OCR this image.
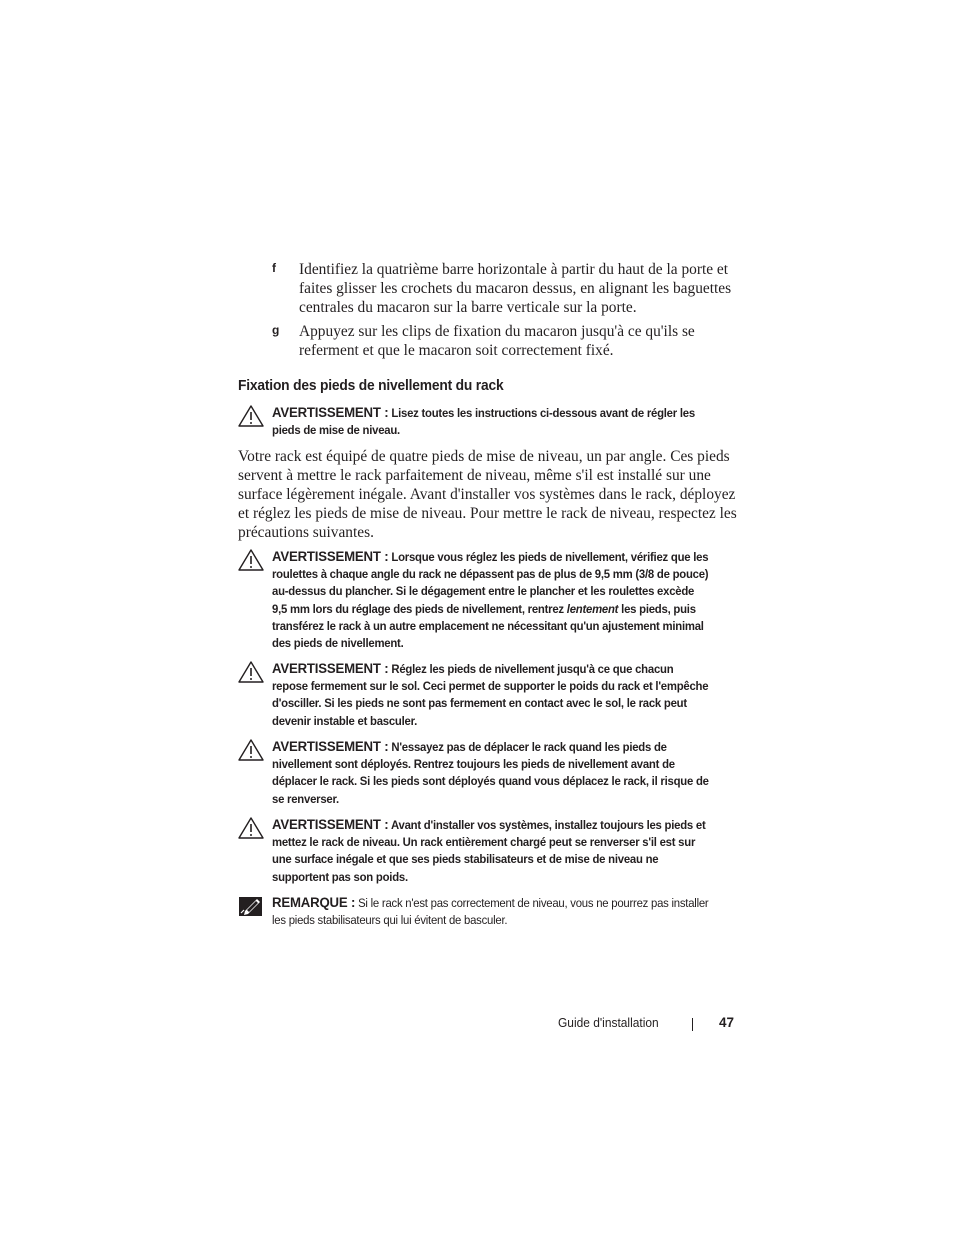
f Identifiez la quatrième barre horizontale à partir du haut de la porte et faites glisser les crochets du macaron dessus, en alignant les baguettes centrales du macaron sur la barre verticale sur la porte.
g Appuyez sur les clips de fixation du macaron jusqu'à ce qu'ils se referment et que le macaron soit correctement fixé.
Fixation des pieds de nivellement du rack
AVERTISSEMENT : Lisez toutes les instructions ci-dessous avant de régler les pieds de mise de niveau.
Votre rack est équipé de quatre pieds de mise de niveau, un par angle. Ces pieds servent à mettre le rack parfaitement de niveau, même s'il est installé sur une surface légèrement inégale. Avant d'installer vos systèmes dans le rack, déployez et réglez les pieds de mise de niveau. Pour mettre le rack de niveau, respectez les précautions suivantes.
AVERTISSEMENT : Lorsque vous réglez les pieds de nivellement, vérifiez que les roulettes à chaque angle du rack ne dépassent pas de plus de 9,5 mm (3/8 de pouce) au-dessus du plancher. Si le dégagement entre le plancher et les roulettes excède 9,5 mm lors du réglage des pieds de nivellement, rentrez lentement les pieds, puis transférez le rack à un autre emplacement ne nécessitant qu'un ajustement minimal des pieds de nivellement.
AVERTISSEMENT : Réglez les pieds de nivellement jusqu'à ce que chacun repose fermement sur le sol. Ceci permet de supporter le poids du rack et l'empêche d'osciller. Si les pieds ne sont pas fermement en contact avec le sol, le rack peut devenir instable et basculer.
AVERTISSEMENT : N'essayez pas de déplacer le rack quand les pieds de nivellement sont déployés. Rentrez toujours les pieds de nivellement avant de déplacer le rack. Si les pieds sont déployés quand vous déplacez le rack, il risque de se renverser.
AVERTISSEMENT : Avant d'installer vos systèmes, installez toujours les pieds et mettez le rack de niveau. Un rack entièrement chargé peut se renverser s'il est sur une surface inégale et que ses pieds stabilisateurs et de mise de niveau ne supportent pas son poids.
REMARQUE : Si le rack n'est pas correctement de niveau, vous ne pourrez pas installer les pieds stabilisateurs qui lui évitent de basculer.
Guide d'installation	47
